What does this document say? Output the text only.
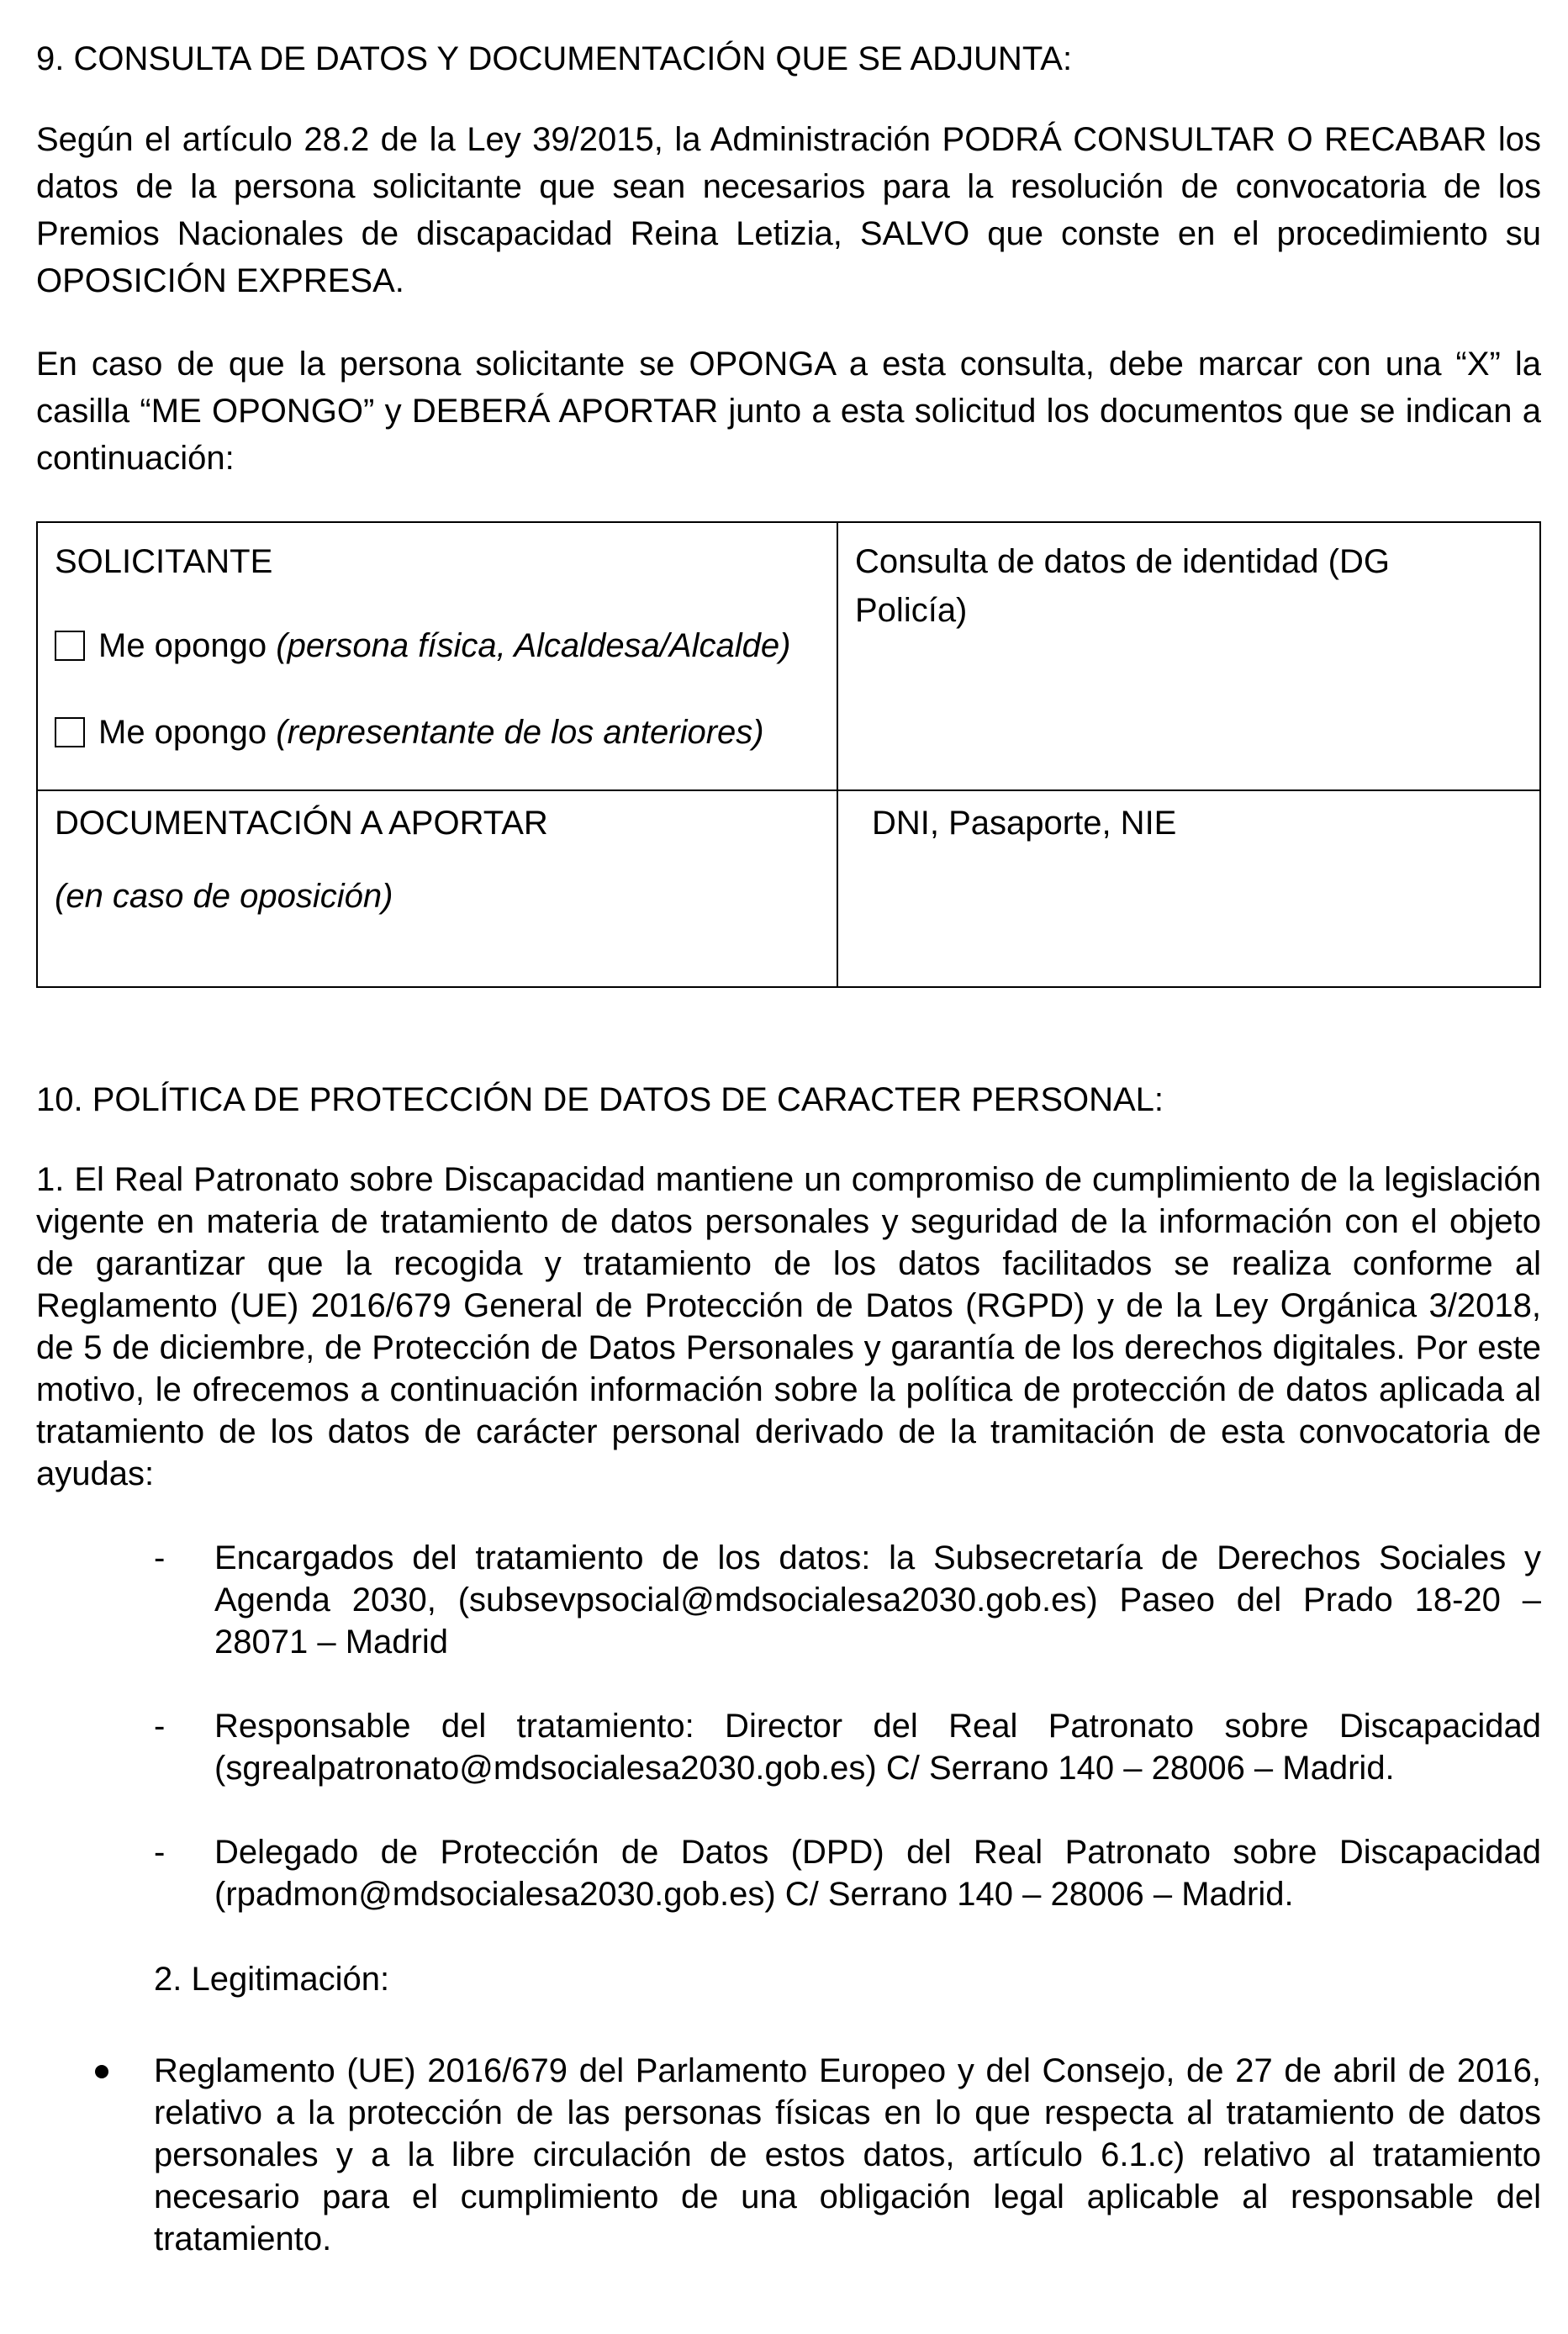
9. CONSULTA DE DATOS Y DOCUMENTACIÓN QUE SE ADJUNTA:
Según el artículo 28.2 de la Ley 39/2015, la Administración PODRÁ CONSULTAR O RECABAR los datos de la persona solicitante que sean necesarios para la resolución de convocatoria de los Premios Nacionales de discapacidad Reina Letizia, SALVO que conste en el procedimiento su OPOSICIÓN EXPRESA.
En caso de que la persona solicitante se OPONGA a esta consulta, debe marcar con una “X” la casilla “ME OPONGO” y DEBERÁ APORTAR junto a esta solicitud los documentos que se indican a continuación:
SOLICITANTE
Me opongo
(persona física, Alcaldesa/Alcalde)
Me opongo
(representante de los anteriores)
Consulta de datos de identidad (DG
Policía)
DOCUMENTACIÓN A APORTAR
(en caso de oposición)
DNI, Pasaporte, NIE
10. POLÍTICA DE PROTECCIÓN DE DATOS DE CARACTER PERSONAL:
1. El Real Patronato sobre Discapacidad mantiene un compromiso de cumplimiento de la legislación vigente en materia de tratamiento de datos personales y seguridad de la información con el objeto de garantizar que la recogida y tratamiento de los datos facilitados se realiza conforme al Reglamento (UE) 2016/679 General de Protección de Datos (RGPD) y de la Ley Orgánica 3/2018, de 5 de diciembre, de Protección de Datos Personales y garantía de los derechos digitales. Por este motivo, le ofrecemos a continuación información sobre la política de protección de datos aplicada al tratamiento de los datos de carácter personal derivado de la tramitación de esta convocatoria de ayudas:
- Encargados del tratamiento de los datos: la Subsecretaría de Derechos Sociales y Agenda 2030, (subsevpsocial@mdsocialesa2030.gob.es) Paseo del Prado 18-20 – 28071 – Madrid
- Responsable del tratamiento: Director del Real Patronato sobre Discapacidad (sgrealpatronato@mdsocialesa2030.gob.es) C/ Serrano 140 – 28006 – Madrid.
- Delegado de Protección de Datos (DPD) del Real Patronato sobre Discapacidad (rpadmon@mdsocialesa2030.gob.es) C/ Serrano 140 – 28006 – Madrid.
2. Legitimación:
Reglamento (UE) 2016/679 del Parlamento Europeo y del Consejo, de 27 de abril de 2016, relativo a la protección de las personas físicas en lo que respecta al tratamiento de datos personales y a la libre circulación de estos datos, artículo 6.1.c) relativo al tratamiento necesario para el cumplimiento de una obligación legal aplicable al responsable del tratamiento.
